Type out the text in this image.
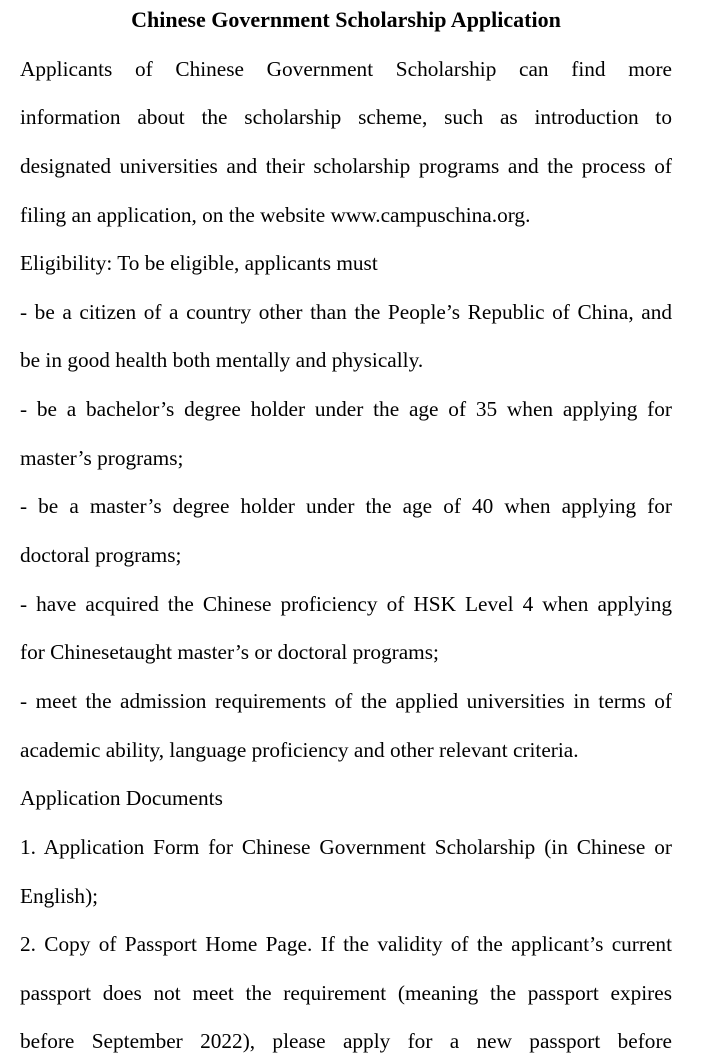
Chinese Government Scholarship Application
Applicants of Chinese Government Scholarship can find more
information about the scholarship scheme, such as introduction to
designated universities and their scholarship programs and the process of
filing an application, on the website www.campuschina.org.
Eligibility: To be eligible, applicants must
- be a citizen of a country other than the People’s Republic of China, and
be in good health both mentally and physically.
- be a bachelor’s degree holder under the age of 35 when applying for
master’s programs;
- be a master’s degree holder under the age of 40 when applying for
doctoral programs;
- have acquired the Chinese proficiency of HSK Level 4 when applying
for Chinesetaught master’s or doctoral programs;
- meet the admission requirements of the applied universities in terms of
academic ability, language proficiency and other relevant criteria.
Application Documents
1. Application Form for Chinese Government Scholarship (in Chinese or
English);
2. Copy of Passport Home Page. If the validity of the applicant’s current
passport does not meet the requirement (meaning the passport expires
before September 2022), please apply for a new passport before
